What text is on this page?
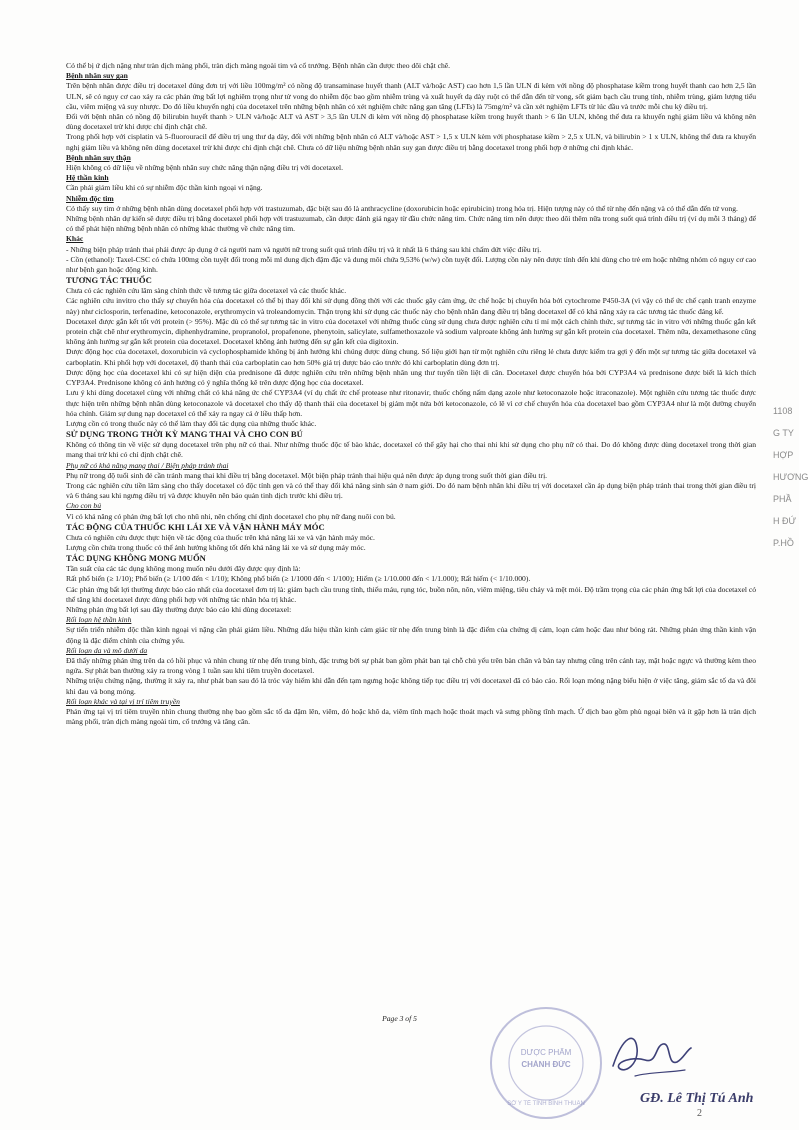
Có thể bị ứ dịch nặng như tràn dịch màng phổi, tràn dịch màng ngoài tim và cổ trướng. Bệnh nhân cần được theo dõi chặt chẽ.

Bệnh nhân suy gan

Trên bệnh nhân được điều trị docetaxel đúng đơn trị với liều 100mg/m² có nồng độ transaminase huyết thanh (ALT và/hoặc AST) cao hơn 1,5 lần ULN đi kèm với nồng độ phosphatase kiềm trong huyết thanh cao hơn 2,5 lần ULN, sẽ có nguy cơ cao xảy ra các phản ứng bất lợi nghiêm trọng như tử vong do nhiễm độc bao gồm nhiễm trùng và xuất huyết dạ dày ruột có thể dẫn đến tử vong, sốt giảm bạch cầu trung tính, nhiễm trùng, giảm lượng tiểu cầu, viêm miệng và suy nhược. Do đó liều khuyến nghị của docetaxel trên những bệnh nhân có xét nghiệm chức năng gan tăng (LFTs) là 75mg/m² và cần xét nghiệm LFTs từ lúc đầu và trước mỗi chu kỳ điều trị.

Đối với bệnh nhân có nồng độ bilirubin huyết thanh > ULN và/hoặc ALT và AST > 3,5 lần ULN đi kèm với nồng độ phosphatase kiềm trong huyết thanh > 6 lần ULN, không thể đưa ra khuyến nghị giảm liều và không nên dùng docetaxel trừ khi được chỉ định chặt chẽ.

Trong phối hợp với cisplatin và 5-fluorouracil để điều trị ung thư dạ dày, đối với những bệnh nhân có ALT và/hoặc AST > 1,5 x ULN kèm với phosphatase kiềm > 2,5 x ULN, và bilirubin > 1 x ULN, không thể đưa ra khuyến nghị giảm liều và không nên dùng docetaxel trừ khi được chỉ định chặt chẽ. Chưa có dữ liệu những bệnh nhân suy gan được điều trị bằng docetaxel trong phối hợp ở những chỉ định khác.

Bệnh nhân suy thận

Hiện không có dữ liệu về những bệnh nhân suy chức năng thận nặng điều trị với docetaxel.

Hệ thần kinh

Cần phải giảm liều khi có sự nhiễm độc thần kinh ngoại vi nặng.

Nhiễm độc tim

Có thấy suy tim ở những bệnh nhân dùng docetaxel phối hợp với trastuzumab, đặc biệt sau đó là anthracycline (doxorubicin hoặc epirubicin) trong hóa trị. Hiện tượng này có thể từ nhẹ đến nặng và có thể dẫn đến tử vong.

Những bệnh nhân dự kiến sẽ được điều trị bằng docetaxel phối hợp với trastuzumab, cần được đánh giá ngay từ đầu chức năng tim. Chức năng tim nên được theo dõi thêm nữa trong suốt quá trình điều trị (ví dụ mỗi 3 tháng) để có thể phát hiện những bệnh nhân có những khác thường về chức năng tim.

Khác

- Những biện pháp tránh thai phải được áp dụng ở cả người nam và người nữ trong suốt quá trình điều trị và ít nhất là 6 tháng sau khi chấm dứt việc điều trị.

- Cồn (ethanol): Taxel-CSC có chứa 100mg cồn tuyệt đối trong mỗi ml dung dịch đậm đặc và dung môi chứa 9,53% (w/w) cồn tuyệt đối. Lượng cồn này nên được tính đến khi dùng cho trẻ em hoặc những nhóm có nguy cơ cao như bệnh gan hoặc động kinh.

TƯƠNG TÁC THUỐC

Chưa có các nghiên cứu lâm sàng chính thức về tương tác giữa docetaxel và các thuốc khác.

Các nghiên cứu invitro cho thấy sự chuyển hóa của docetaxel có thể bị thay đổi khi sử dụng đồng thời với các thuốc gây cảm ứng, ức chế hoặc bị chuyển hóa bởi cytochrome P450-3A (vì vậy có thể ức chế cạnh tranh enzyme này) như ciclosporin, terfenadine, ketoconazole, erythromycin và troleandomycin. Thận trọng khi sử dụng các thuốc này cho bệnh nhân đang điều trị bằng docetaxel để có khả năng xảy ra các tương tác thuốc đáng kể.

Docetaxel được gắn kết tốt với protein (> 95%). Mặc dù có thể sự tương tác in vitro của docetaxel với những thuốc cùng sử dụng chưa được nghiên cứu tỉ mỉ một cách chính thức, sự tương tác in vitro với những thuốc gắn kết protein chặt chẽ như erythromycin, diphenhydramine, propranolol, propafenone, phenytoin, salicylate, sulfamethoxazole và sodium valproate không ảnh hưởng sự gắn kết protein của docetaxel. Thêm nữa, dexamethasone cũng không ảnh hưởng sự gắn kết protein của docetaxel. Docetaxel không ảnh hưởng đến sự gắn kết của digitoxin.

Dược động học của docetaxel, doxorubicin và cyclophosphamide không bị ảnh hưởng khi chúng được dùng chung. Số liệu giới hạn từ một nghiên cứu riêng lẻ chưa được kiểm tra gợi ý đến một sự tương tác giữa docetaxel và carboplatin. Khi phối hợp với docetaxel, độ thanh thải của carboplatin cao hơn 50% giá trị được báo cáo trước đó khi carboplatin dùng đơn trị.

Dược động học của docetaxel khi có sự hiện diện của prednisone đã được nghiên cứu trên những bệnh nhân ung thư tuyến tiền liệt di căn. Docetaxel được chuyển hóa bởi CYP3A4 và prednisone được biết là kích thích CYP3A4. Prednisone không có ảnh hưởng có ý nghĩa thống kê trên dược động học của docetaxel.

Lưu ý khi dùng docetaxel cùng với những chất có khả năng ức chế CYP3A4 (ví dụ chất ức chế protease như ritonavir, thuốc chống nấm dạng azole như ketoconazole hoặc itraconazole). Một nghiên cứu tương tác thuốc được thực hiện trên những bệnh nhân dùng ketoconazole và docetaxel cho thấy độ thanh thải của docetaxel bị giảm một nửa bởi ketoconazole, có lẽ vì cơ chế chuyển hóa của docetaxel bao gồm CYP3A4 như là một đường chuyển hóa chính. Giảm sự dung nạp docetaxel có thể xảy ra ngay cả ở liều thấp hơn.

Lượng cồn có trong thuốc này có thể làm thay đổi tác dụng của những thuốc khác.

SỬ DỤNG TRONG THỜI KỲ MANG THAI VÀ CHO CON BÚ

Không có thông tin về việc sử dụng docetaxel trên phụ nữ có thai. Như những thuốc độc tế bào khác, docetaxel có thể gây hại cho thai nhi khi sử dụng cho phụ nữ có thai. Do đó không được dùng docetaxel trong thời gian mang thai trừ khi có chỉ định chặt chẽ.

Phụ nữ có khả năng mang thai / Biện pháp tránh thai

Phụ nữ trong độ tuổi sinh đẻ cần tránh mang thai khi điều trị bằng docetaxel. Một biện pháp tránh thai hiệu quả nên được áp dụng trong suốt thời gian điều trị.

Trong các nghiên cứu tiền lâm sàng cho thấy docetaxel có độc tính gen và có thể thay đổi khả năng sinh sản ở nam giới. Do đó nam bệnh nhân khi điều trị với docetaxel cần áp dụng biện pháp tránh thai trong thời gian điều trị và 6 tháng sau khi ngưng điều trị và được khuyên nên bảo quản tinh dịch trước khi điều trị.

Cho con bú

Vì có khả năng có phản ứng bất lợi cho nhũ nhi, nên chống chỉ định docetaxel cho phụ nữ đang nuôi con bú.

TÁC ĐỘNG CỦA THUỐC KHI LÁI XE VÀ VẬN HÀNH MÁY MÓC

Chưa có nghiên cứu được thực hiện về tác động của thuốc trên khả năng lái xe và vận hành máy móc.

Lượng cồn chứa trong thuốc có thể ảnh hưởng không tốt đến khả năng lái xe và sử dụng máy móc.

TÁC DỤNG KHÔNG MONG MUỐN

Tần suất của các tác dụng không mong muốn nêu dưới đây được quy định là:

Rất phổ biến (≥ 1/10); Phổ biến (≥ 1/100 đến < 1/10); Không phổ biến (≥ 1/1000 đến < 1/100); Hiếm (≥ 1/10.000 đến < 1/1.000); Rất hiếm (< 1/10.000).

Các phản ứng bất lợi thường được báo cáo nhất của docetaxel đơn trị là: giảm bạch cầu trung tính, thiếu máu, rụng tóc, buồn nôn, nôn, viêm miệng, tiêu chảy và mệt mỏi. Độ trầm trọng của các phản ứng bất lợi của docetaxel có thể tăng khi docetaxel được dùng phối hợp với những tác nhân hóa trị khác.

Những phản ứng bất lợi sau đây thường được báo cáo khi dùng docetaxel:

Rối loạn hệ thần kinh

Sự tiến triển nhiễm độc thần kinh ngoại vi nặng cần phải giảm liều. Những dấu hiệu thần kinh cảm giác từ nhẹ đến trung bình là đặc điểm của chứng dị cảm, loạn cảm hoặc đau như bỏng rát. Những phản ứng thần kinh vận động là đặc điểm chính của chứng yếu.

Rối loạn da và mô dưới da

Đã thấy những phản ứng trên da có hồi phục và nhìn chung từ nhẹ đến trung bình, đặc trưng bởi sự phát ban gồm phát ban tại chỗ chủ yếu trên bàn chân và bàn tay nhưng cũng trên cánh tay, mặt hoặc ngực và thường kèm theo ngứa. Sự phát ban thường xảy ra trong vòng 1 tuần sau khi tiêm truyền docetaxel.

Những triệu chứng nặng, thường ít xảy ra, như phát ban sau đó là tróc vảy hiếm khi dẫn đến tạm ngưng hoặc không tiếp tục điều trị với docetaxel đã có báo cáo. Rối loạn móng nặng biểu hiện ở việc tăng, giảm sắc tố da và đôi khi đau và bong móng.

Rối loạn khác và tại vị trí tiêm truyền

Phản ứng tại vị trí tiêm truyền nhìn chung thường nhẹ bao gồm sắc tố da đậm lên, viêm, đỏ hoặc khô da, viêm tĩnh mạch hoặc thoát mạch và sưng phồng tĩnh mạch. Ứ dịch bao gồm phù ngoại biên và ít gặp hơn là tràn dịch màng phổi, tràn dịch màng ngoài tim, cổ trướng và tăng cân.

Page 3 of 5
1108
G TY
HỢP
HƯƠNG
PHẦ
H ĐỨ
P.HỒ
DƯỢC PHẨM
CHÁNH ĐỨC
SỞ Y TẾ TỈNH BÌNH THUẬN	GĐ. Lê Thị Tú Anh
2
